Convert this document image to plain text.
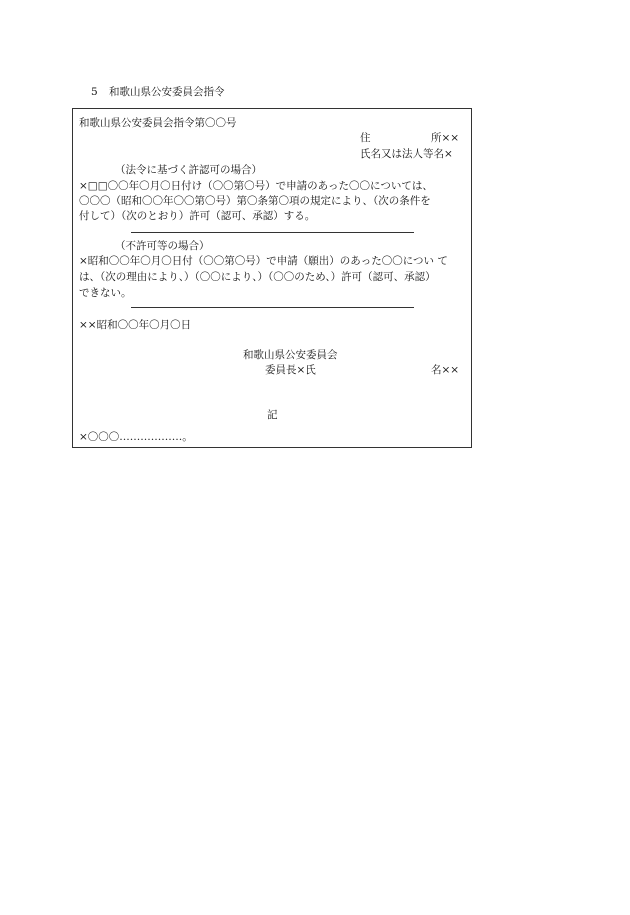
5 和歌山県公安委員会指令
和歌山県公安委員会指令第〇〇号
住	所××
氏名又は法人等名×
（法令に基づく許認可の場合）
×□□〇〇年〇月〇日付け（〇〇第〇号）で申請のあった〇〇については、
〇〇〇（昭和〇〇年〇〇第〇号）第〇条第〇項の規定により、（次の条件を
付して）（次のとおり）許可（認可、承認）する。
（不許可等の場合）
×昭和〇〇年〇月〇日付（〇〇第〇号）で申請（願出）のあった〇〇につい て
は、（次の理由により、）（〇〇により、）（〇〇のため、）許可（認可、承認）
できない。
××昭和〇〇年〇月〇日
和歌山県公安委員会
委員長×氏	名××
記
×〇〇〇………………。
